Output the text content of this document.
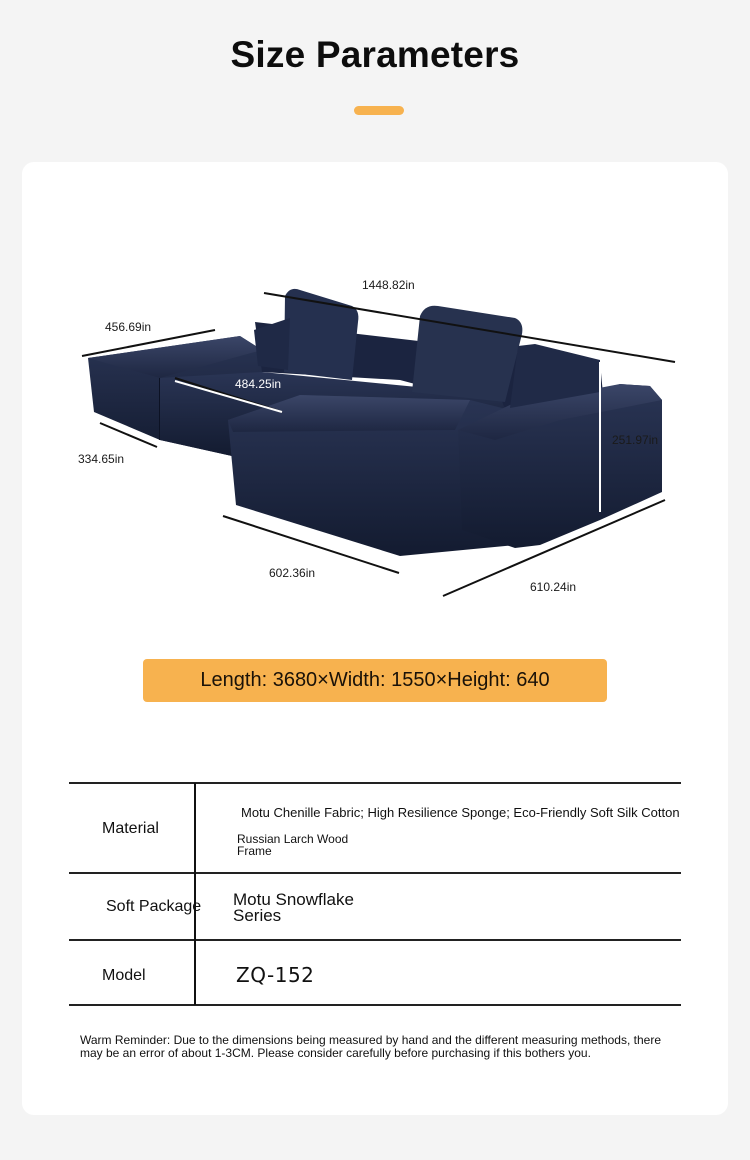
Size Parameters
1448.82in
456.69in
484.25in
334.65in
251.97in
602.36in
610.24in
Length: 3680×Width: 1550×Height: 640
Material
Motu Chenille Fabric; High Resilience Sponge; Eco-Friendly Soft Silk Cotton
Russian Larch Wood Frame
Soft Package Motu Snowflake Series
Model	ZQ-152
Warm Reminder: Due to the dimensions being measured by hand and the different measuring methods, there may be an error of about 1-3CM. Please consider carefully before purchasing if this bothers you.
